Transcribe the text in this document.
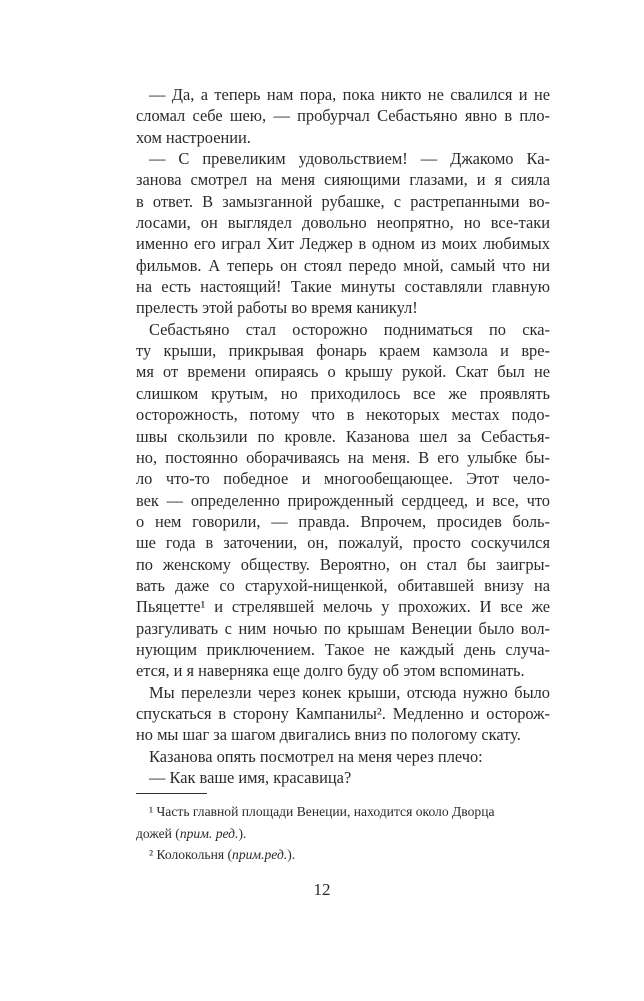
— Да, а теперь нам пора, пока никто не свалился и не
сломал себе шею, — пробурчал Себастьяно явно в пло-
хом настроении.
— С превеликим удовольствием! — Джакомо Ка-
занова смотрел на меня сияющими глазами, и я сияла
в ответ. В замызганной рубашке, с растрепанными во-
лосами, он выглядел довольно неопрятно, но все-таки
именно его играл Хит Леджер в одном из моих любимых
фильмов. А теперь он стоял передо мной, самый что ни
на есть настоящий! Такие минуты составляли главную
прелесть этой работы во время каникул!
Себастьяно стал осторожно подниматься по ска-
ту крыши, прикрывая фонарь краем камзола и вре-
мя от времени опираясь о крышу рукой. Скат был не
слишком крутым, но приходилось все же проявлять
осторожность, потому что в некоторых местах подо-
швы скользили по кровле. Казанова шел за Себастья-
но, постоянно оборачиваясь на меня. В его улыбке бы-
ло что-то победное и многообещающее. Этот чело-
век — определенно прирожденный сердцеед, и все, что
о нем говорили, — правда. Впрочем, просидев боль-
ше года в заточении, он, пожалуй, просто соскучился
по женскому обществу. Вероятно, он стал бы заигры-
вать даже со старухой-нищенкой, обитавшей внизу на
Пьяцетте¹ и стрелявшей мелочь у прохожих. И все же
разгуливать с ним ночью по крышам Венеции было вол-
нующим приключением. Такое не каждый день случа-
ется, и я наверняка еще долго буду об этом вспоминать.
Мы перелезли через конек крыши, отсюда нужно было
спускаться в сторону Кампанилы². Медленно и осторож-
но мы шаг за шагом двигались вниз по пологому скату.
Казанова опять посмотрел на меня через плечо:
— Как ваше имя, красавица?
¹ Часть главной площади Венеции, находится около Дворца
дожей (прим. ред.).
² Колокольня (прим.ред.).
12
